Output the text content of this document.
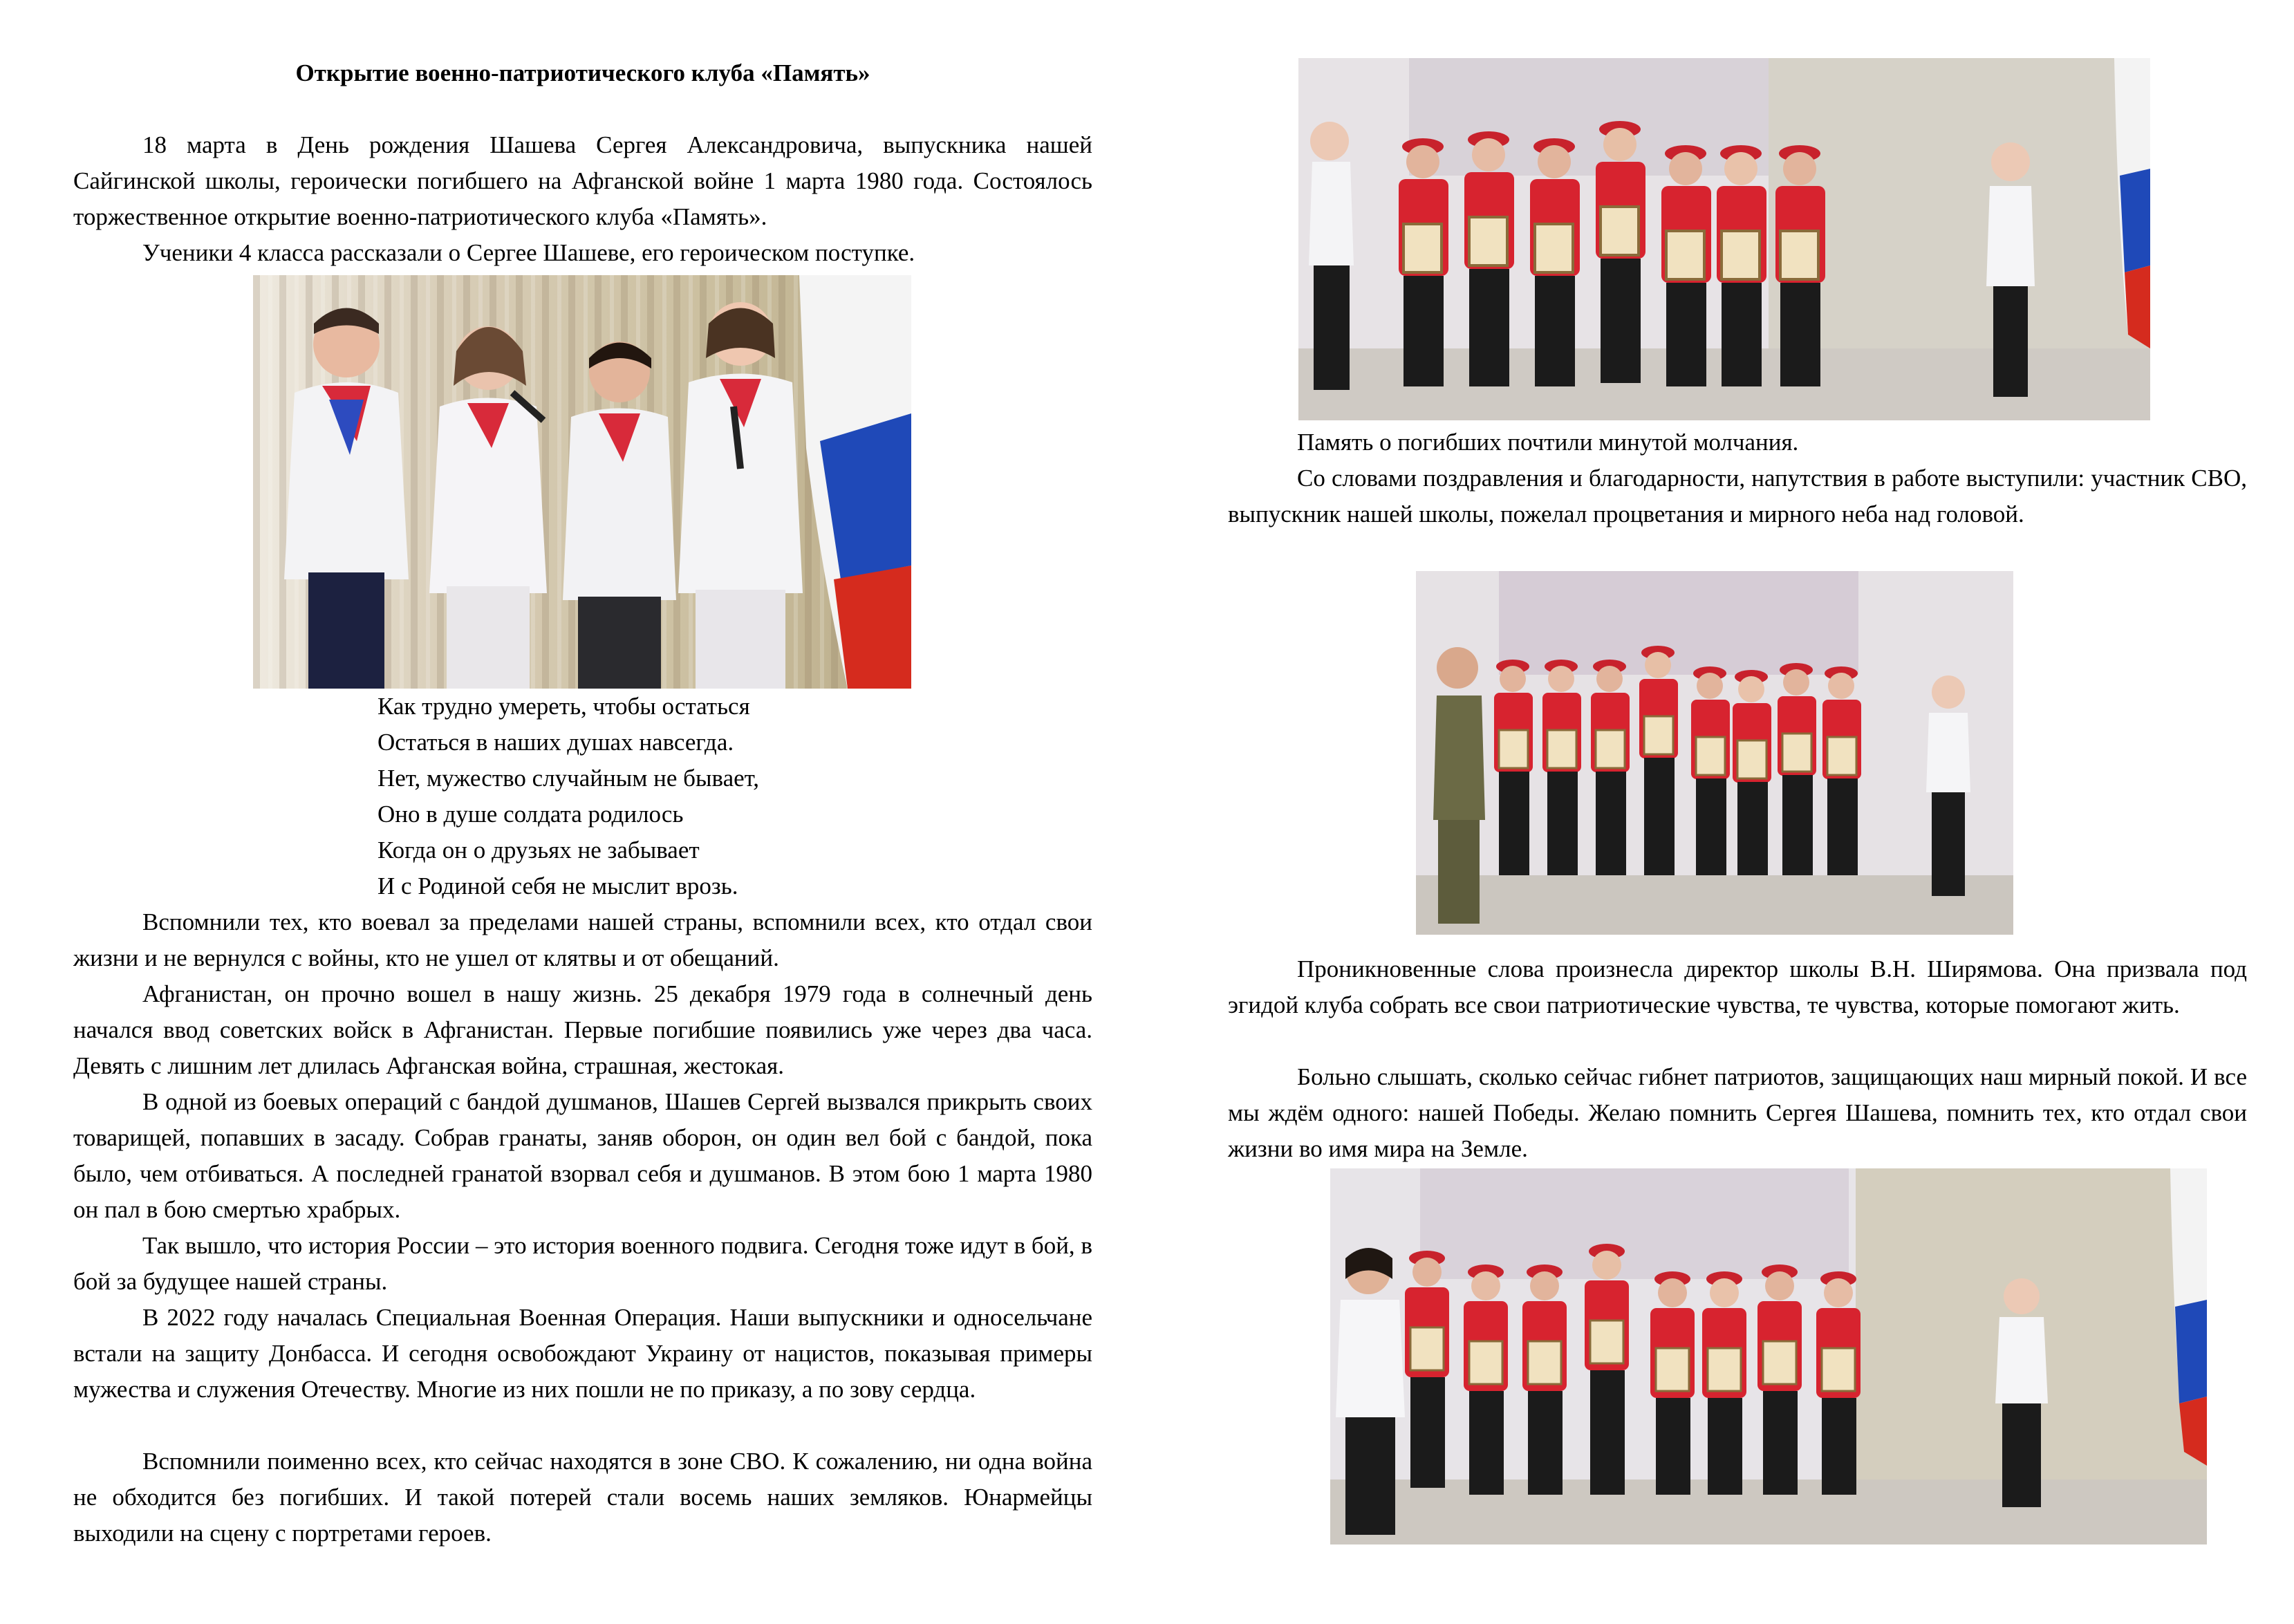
Открытие военно-патриотического клуба «Память»

18 марта в День рождения Шашева Сергея Александровича, выпускника нашей Сайгинской школы, героически погибшего на Афганской войне 1 марта 1980 года. Состоялось торжественное открытие военно-патриотического клуба «Память».

Ученики 4 класса рассказали о Сергее Шашеве, его героическом поступке.

Как трудно умереть, чтобы остаться
Остаться в наших душах навсегда.
Нет, мужество случайным не бывает,
Оно в душе солдата родилось
Когда он о друзьях не забывает
И с Родиной себя не мыслит врозь.

Вспомнили тех, кто воевал за пределами нашей страны, вспомнили всех, кто отдал свои жизни и не вернулся с войны, кто не ушел от клятвы и от обещаний.

Афганистан, он прочно вошел в нашу жизнь. 25 декабря 1979 года в солнечный день начался ввод советских войск в Афганистан. Первые погибшие появились уже через два часа. Девять с лишним лет длилась Афганская война, страшная, жестокая.

В одной из боевых операций с бандой душманов, Шашев Сергей вызвался прикрыть своих товарищей, попавших в засаду. Собрав гранаты, заняв оборон, он один вел бой с бандой, пока было, чем отбиваться. А последней гранатой взорвал себя и душманов. В этом бою 1 марта 1980 он пал в бою смертью храбрых.

Так вышло, что история России – это история военного подвига. Сегодня тоже идут в бой, в бой за будущее нашей страны.

В 2022 году началась Специальная Военная Операция. Наши выпускники и односельчане встали на защиту Донбасса. И сегодня освобождают Украину от нацистов, показывая примеры мужества и служения Отечеству. Многие из них пошли не по приказу, а по зову сердца.

Вспомнили поименно всех, кто сейчас находятся в зоне СВО. К сожалению, ни одна война не обходится без погибших. И такой потерей стали восемь наших земляков. Юнармейцы выходили на сцену с портретами героев.

Память о погибших почтили минутой молчания.

Со словами поздравления и благодарности, напутствия в работе выступили: участник СВО, выпускник нашей школы, пожелал процветания и мирного неба над головой.

Проникновенные слова произнесла директор школы В.Н. Ширямова. Она призвала под эгидой клуба собрать все свои патриотические чувства, те чувства, которые помогают жить.

Больно слышать, сколько сейчас гибнет патриотов, защищающих наш мирный покой. И все мы ждём одного: нашей Победы. Желаю помнить Сергея Шашева, помнить тех, кто отдал свои жизни во имя мира на Земле.
